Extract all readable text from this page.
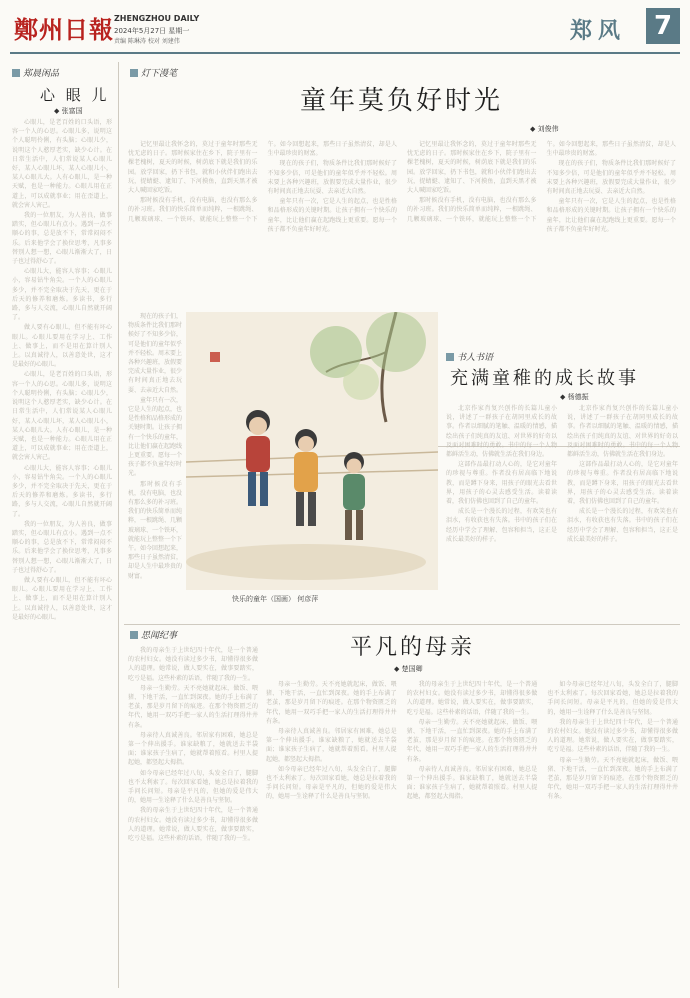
鄭州日報 ZHENGZHOU DAILY
2024年5月27日 星期一
责编 陈琳涛 校对 刘建伟	郑风	7
郑晨闲品
心 眼 儿
◆ 张富国

心眼儿，是老百姓的口头语，形容一个人的心思。心眼儿多，说明这个人聪明伶俐，有头脑；心眼儿少，说明这个人憨厚老实，缺少心计。在日常生活中，人们常说某人心眼儿好，某人心眼儿坏，某人心眼儿小，某人心眼儿大。人有心眼儿，是一种天赋，也是一种能力。心眼儿用在正道上，可以成就事业；用在歪道上，就会害人害己。

我的一位朋友，为人善良，做事踏实，但心眼儿有点小。遇到一点不顺心的事，总是放不下，常常闷闷不乐。后来他学会了换位思考，凡事多替别人想一想，心眼儿渐渐大了，日子也过得舒心了。

心眼儿大，能容人容事；心眼儿小，容易钻牛角尖。一个人的心眼儿多少，并不完全取决于先天，更在于后天的修养和磨炼。多读书，多行路，多与人交流，心眼儿自然就开阔了。

做人要有心眼儿，但不能有坏心眼儿。心眼儿要用在学习上、工作上、做事上，而不是用在算计别人上。以真诚待人，以善意处世，这才是最好的心眼儿。

心眼儿，是老百姓的口头语，形容一个人的心思。心眼儿多，说明这个人聪明伶俐，有头脑；心眼儿少，说明这个人憨厚老实，缺少心计。在日常生活中，人们常说某人心眼儿好，某人心眼儿坏，某人心眼儿小，某人心眼儿大。人有心眼儿，是一种天赋，也是一种能力。心眼儿用在正道上，可以成就事业；用在歪道上，就会害人害己。

心眼儿大，能容人容事；心眼儿小，容易钻牛角尖。一个人的心眼儿多少，并不完全取决于先天，更在于后天的修养和磨炼。多读书，多行路，多与人交流，心眼儿自然就开阔了。

我的一位朋友，为人善良，做事踏实，但心眼儿有点小。遇到一点不顺心的事，总是放不下，常常闷闷不乐。后来他学会了换位思考，凡事多替别人想一想，心眼儿渐渐大了，日子也过得舒心了。

做人要有心眼儿，但不能有坏心眼儿。心眼儿要用在学习上、工作上、做事上，而不是用在算计别人上。以真诚待人，以善意处世，这才是最好的心眼儿。

灯下漫笔
童年莫负好时光
◆ 刘俊伟

记忆里最让我怀念的，莫过于童年时那些无忧无虑的日子。那时候家住在乡下，院子里有一棵老槐树，夏天的时候，树荫底下就是我们的乐园。放学回家，扔下书包，就和小伙伴们跑出去玩，捉蜻蜓、逮知了、下河摸鱼，直到天黑才被大人喊回家吃饭。

那时候没有手机，没有电脑，也没有那么多的补习班。我们的快乐简单而纯粹，一根跳绳、几颗玻璃球、一个铁环，就能玩上整整一个下午。如今回想起来，那些日子虽然清贫，却是人生中最珍贵的财富。

现在的孩子们，物质条件比我们那时候好了不知多少倍，可是他们的童年似乎并不轻松。周末要上各种兴趣班，放假要完成大量作业，很少有时间真正地去玩耍、去亲近大自然。

童年只有一次，它是人生的起点，也是性格和品格形成的关键时期。让孩子拥有一个快乐的童年，比让他们赢在起跑线上更重要。愿每一个孩子都不负童年好时光。

记忆里最让我怀念的，莫过于童年时那些无忧无虑的日子。那时候家住在乡下，院子里有一棵老槐树，夏天的时候，树荫底下就是我们的乐园。放学回家，扔下书包，就和小伙伴们跑出去玩，捉蜻蜓、逮知了、下河摸鱼，直到天黑才被大人喊回家吃饭。

那时候没有手机，没有电脑，也没有那么多的补习班。我们的快乐简单而纯粹，一根跳绳、几颗玻璃球、一个铁环，就能玩上整整一个下午。如今回想起来，那些日子虽然清贫，却是人生中最珍贵的财富。

现在的孩子们，物质条件比我们那时候好了不知多少倍，可是他们的童年似乎并不轻松。周末要上各种兴趣班，放假要完成大量作业，很少有时间真正地去玩耍、去亲近大自然。

童年只有一次，它是人生的起点，也是性格和品格形成的关键时期。让孩子拥有一个快乐的童年，比让他们赢在起跑线上更重要。愿每一个孩子都不负童年好时光。

现在的孩子们，物质条件比我们那时候好了不知多少倍，可是他们的童年似乎并不轻松。周末要上各种兴趣班，放假要完成大量作业，很少有时间真正地去玩耍、去亲近大自然。

童年只有一次，它是人生的起点，也是性格和品格形成的关键时期。让孩子拥有一个快乐的童年，比让他们赢在起跑线上更重要。愿每一个孩子都不负童年好时光。

那时候没有手机，没有电脑，也没有那么多的补习班。我们的快乐简单而纯粹，一根跳绳、几颗玻璃球、一个铁环，就能玩上整整一个下午。如今回想起来，那些日子虽然清贫，却是人生中最珍贵的财富。

快乐的童年（国画） 何彦萍
书人书语
充满童稚的成长故事
◆ 杨德振

北京作家肖复兴创作的长篇儿童小说，讲述了一群孩子在胡同里成长的故事。作者以细腻的笔触、温暖的情感，描绘出孩子们纯真的友谊、对世界的好奇以及面对困难时的勇敢。书中的每一个人物都鲜活生动，仿佛就生活在我们身边。

这部作品最打动人心的，是它对童年的珍视与尊重。作者没有居高临下地说教，而是蹲下身来，用孩子的眼光去看世界，用孩子的心灵去感受生活。读着读着，我们仿佛也回到了自己的童年。

成长是一个漫长的过程，有欢笑也有泪水，有收获也有失落。书中的孩子们在经历中学会了理解、包容和担当，这正是成长最美好的样子。

北京作家肖复兴创作的长篇儿童小说，讲述了一群孩子在胡同里成长的故事。作者以细腻的笔触、温暖的情感，描绘出孩子们纯真的友谊、对世界的好奇以及面对困难时的勇敢。书中的每一个人物都鲜活生动，仿佛就生活在我们身边。

这部作品最打动人心的，是它对童年的珍视与尊重。作者没有居高临下地说教，而是蹲下身来，用孩子的眼光去看世界，用孩子的心灵去感受生活。读着读着，我们仿佛也回到了自己的童年。

成长是一个漫长的过程，有欢笑也有泪水，有收获也有失落。书中的孩子们在经历中学会了理解、包容和担当，这正是成长最美好的样子。

思闻纪事

我的母亲生于上世纪四十年代，是一个普通的农村妇女。她没有读过多少书，却懂得很多做人的道理。她常说，做人要实在，做事要踏实，吃亏是福。这些朴素的话语，伴随了我的一生。

母亲一生勤劳。天不亮她就起床，做饭、喂猪、下地干活，一直忙到深夜。她的手上布满了老茧，那是岁月留下的痕迹。在那个物资匮乏的年代，她用一双巧手把一家人的生活打理得井井有条。

母亲待人真诚善良。邻居家有困难，她总是第一个伸出援手。谁家缺粮了，她就送去半袋面；谁家孩子生病了，她就帮着照看。村里人提起她，都竖起大拇指。

如今母亲已经年过八旬，头发全白了，腿脚也不太利索了。每次回家看她，她总是拉着我的手问长问短。母亲是平凡的，但她的爱是伟大的，她用一生诠释了什么是善良与坚韧。

我的母亲生于上世纪四十年代，是一个普通的农村妇女。她没有读过多少书，却懂得很多做人的道理。她常说，做人要实在，做事要踏实，吃亏是福。这些朴素的话语，伴随了我的一生。

平凡的母亲
◆ 楚国卿

母亲一生勤劳。天不亮她就起床，做饭、喂猪、下地干活，一直忙到深夜。她的手上布满了老茧，那是岁月留下的痕迹。在那个物资匮乏的年代，她用一双巧手把一家人的生活打理得井井有条。

母亲待人真诚善良。邻居家有困难，她总是第一个伸出援手。谁家缺粮了，她就送去半袋面；谁家孩子生病了，她就帮着照看。村里人提起她，都竖起大拇指。

如今母亲已经年过八旬，头发全白了，腿脚也不太利索了。每次回家看她，她总是拉着我的手问长问短。母亲是平凡的，但她的爱是伟大的，她用一生诠释了什么是善良与坚韧。

我的母亲生于上世纪四十年代，是一个普通的农村妇女。她没有读过多少书，却懂得很多做人的道理。她常说，做人要实在，做事要踏实，吃亏是福。这些朴素的话语，伴随了我的一生。

母亲一生勤劳。天不亮她就起床，做饭、喂猪、下地干活，一直忙到深夜。她的手上布满了老茧，那是岁月留下的痕迹。在那个物资匮乏的年代，她用一双巧手把一家人的生活打理得井井有条。

母亲待人真诚善良。邻居家有困难，她总是第一个伸出援手。谁家缺粮了，她就送去半袋面；谁家孩子生病了，她就帮着照看。村里人提起她，都竖起大拇指。

如今母亲已经年过八旬，头发全白了，腿脚也不太利索了。每次回家看她，她总是拉着我的手问长问短。母亲是平凡的，但她的爱是伟大的，她用一生诠释了什么是善良与坚韧。

我的母亲生于上世纪四十年代，是一个普通的农村妇女。她没有读过多少书，却懂得很多做人的道理。她常说，做人要实在，做事要踏实，吃亏是福。这些朴素的话语，伴随了我的一生。

母亲一生勤劳。天不亮她就起床，做饭、喂猪、下地干活，一直忙到深夜。她的手上布满了老茧，那是岁月留下的痕迹。在那个物资匮乏的年代，她用一双巧手把一家人的生活打理得井井有条。
